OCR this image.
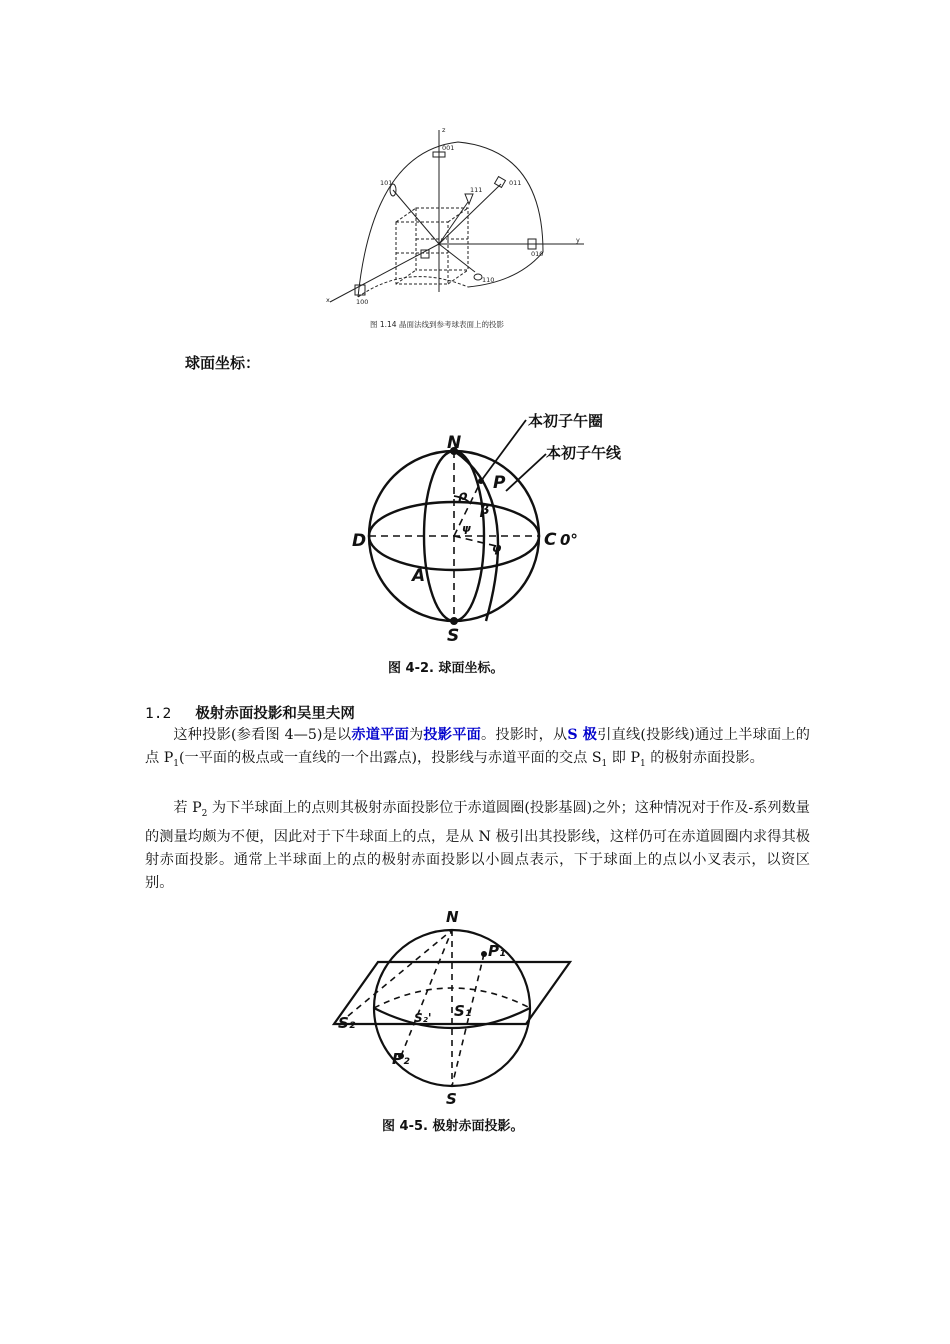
z
001
101	011
111
y
010
110
x	100
图 1.14 晶面法线到参考球表面上的投影
球面坐标：
N
S
D	C 0°
A
P
ρ
β
φ
ψ
本初子午圈
本初子午线
图 4-2. 球面坐标。
1.2 极射赤面投影和吴里夫网
这种投影(参看图 4—5)是以赤道平面为投影平面。投影时，从S 极引直线(投影线)通过上半球面上的点 $P_1$(一平面的极点或一直线的一个出露点)，投影线与赤道平面的交点 $S_1$ 即 $P_1$ 的极射赤面投影。
若 $P_2$ 为下半球面上的点则其极射赤面投影位于赤道圆圈(投影基圆)之外；这种情况对于作及-系列数量的测量均颇为不便，因此对于下牛球面上的点，是从 N 极引出其投影线，这样仍可在赤道圆圈内求得其极射赤面投影。通常上半球面上的点的极射赤面投影以小圆点表示，下于球面上的点以小叉表示，以资区别。
N
S
P₁
P₂
S₁
S₂	S₂'
图 4-5. 极射赤面投影。
